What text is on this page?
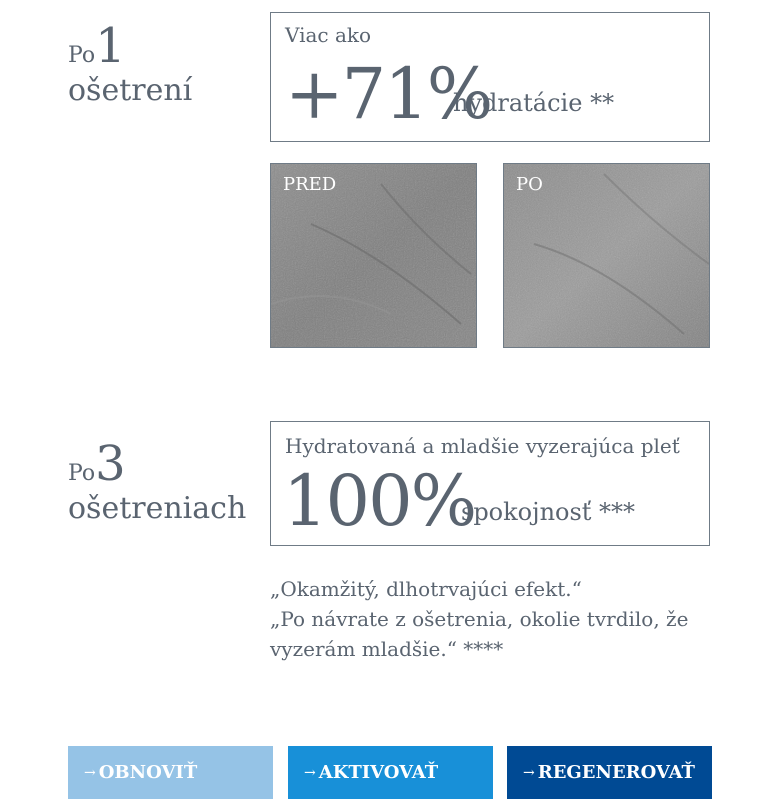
Po1
ošetrení
Viac ako
+71%
hydratácie **
PRED	PO
Po3
ošetreniach
Hydratovaná a mladšie vyzerajúca pleť
100%
spokojnosť ***
„Okamžitý, dlhotrvajúci efekt.“
„Po návrate z ošetrenia, okolie tvrdilo, že
vyzerám mladšie.“ ****
→ OBNOVIŤ	→ AKTIVOVAŤ	→ REGENEROVAŤ
